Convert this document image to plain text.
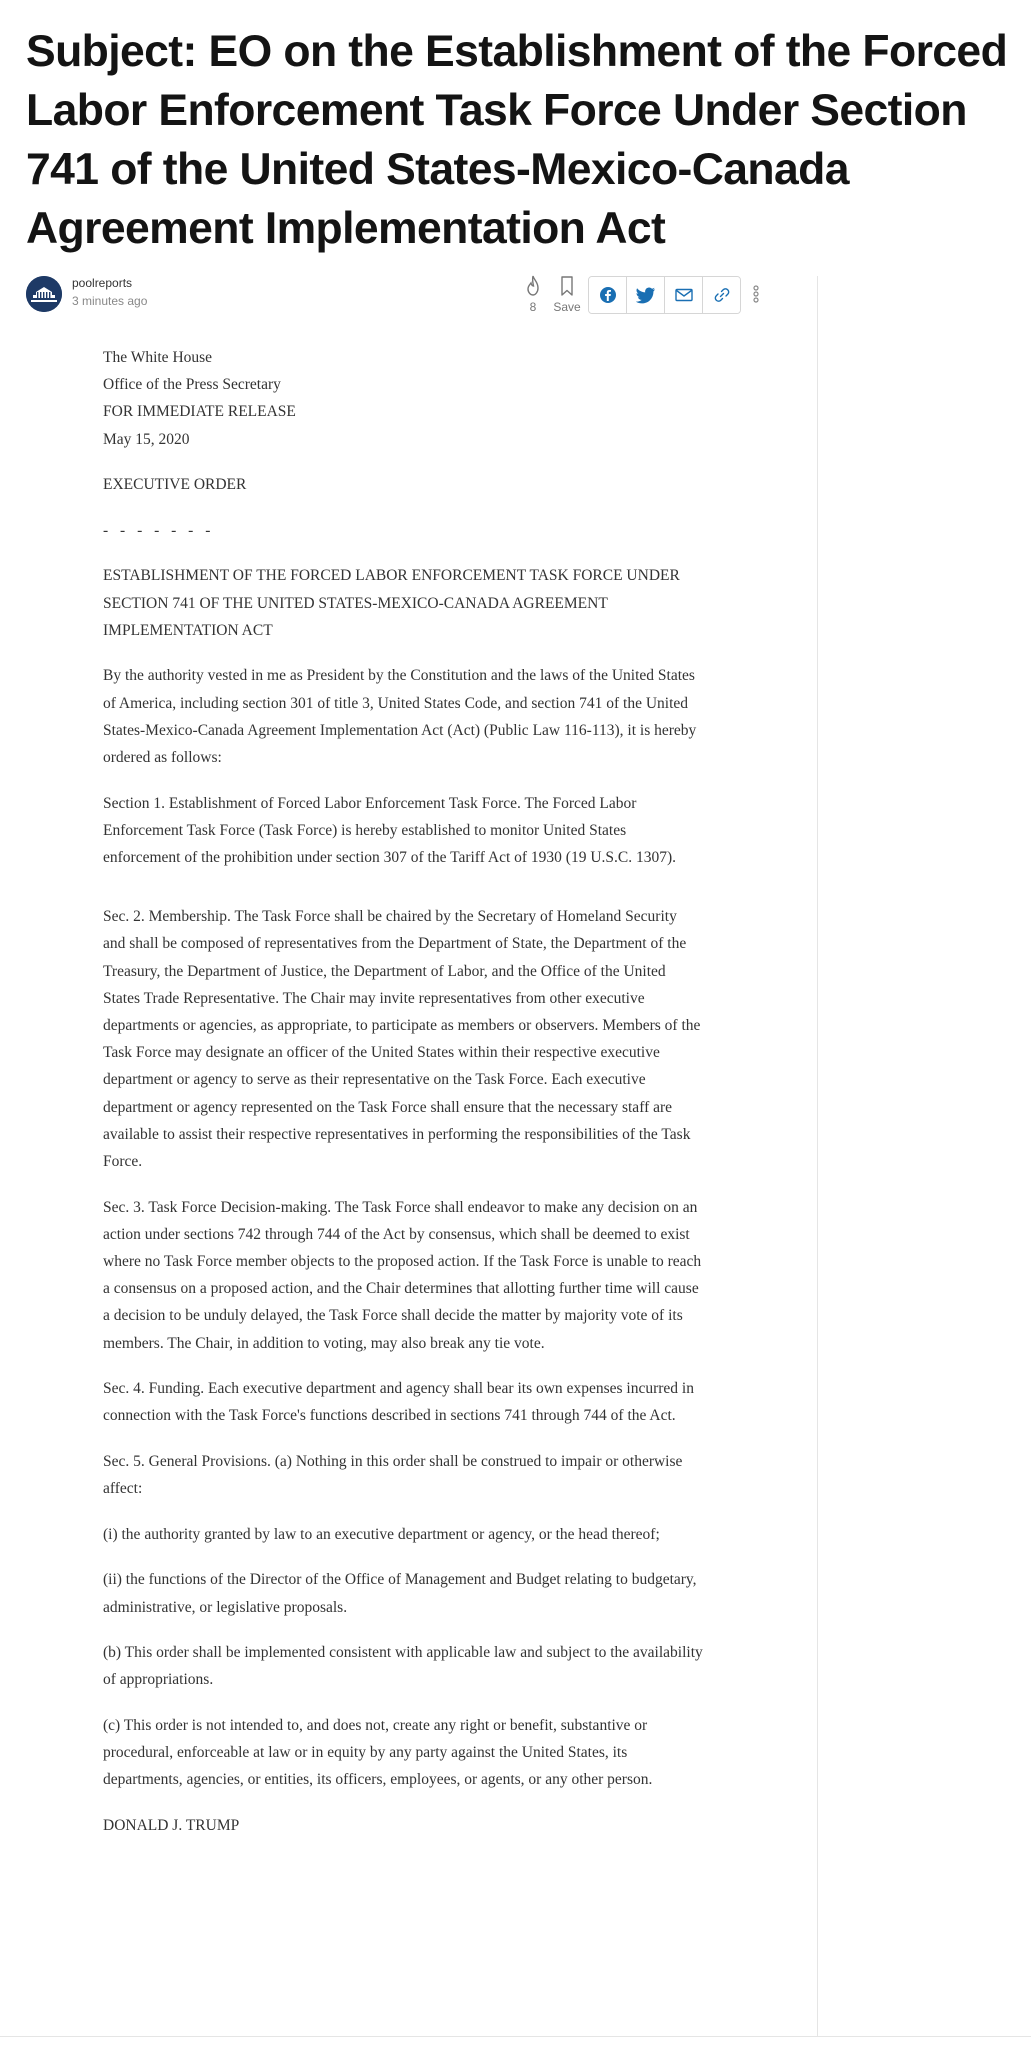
Subject: EO on the Establishment of the Forced Labor Enforcement Task Force Under Section 741 of the United States-Mexico-Canada Agreement Implementation Act
poolreports
3 minutes ago	8	Save

The White House
Office of the Press Secretary
FOR IMMEDIATE RELEASE
May 15, 2020

EXECUTIVE ORDER

- - - - - - -

ESTABLISHMENT OF THE FORCED LABOR ENFORCEMENT TASK FORCE UNDER SECTION 741 OF THE UNITED STATES-MEXICO-CANADA AGREEMENT IMPLEMENTATION ACT

By the authority vested in me as President by the Constitution and the laws of the United States of America, including section 301 of title 3, United States Code, and section 741 of the United States-Mexico-Canada Agreement Implementation Act (Act) (Public Law 116-113), it is hereby ordered as follows:

Section 1. Establishment of Forced Labor Enforcement Task Force. The Forced Labor Enforcement Task Force (Task Force) is hereby established to monitor United States enforcement of the prohibition under section 307 of the Tariff Act of 1930 (19 U.S.C. 1307).

Sec. 2. Membership. The Task Force shall be chaired by the Secretary of Homeland Security and shall be composed of representatives from the Department of State, the Department of the Treasury, the Department of Justice, the Department of Labor, and the Office of the United States Trade Representative. The Chair may invite representatives from other executive departments or agencies, as appropriate, to participate as members or observers. Members of the Task Force may designate an officer of the United States within their respective executive department or agency to serve as their representative on the Task Force. Each executive department or agency represented on the Task Force shall ensure that the necessary staff are available to assist their respective representatives in performing the responsibilities of the Task Force.

Sec. 3. Task Force Decision-making. The Task Force shall endeavor to make any decision on an action under sections 742 through 744 of the Act by consensus, which shall be deemed to exist where no Task Force member objects to the proposed action. If the Task Force is unable to reach a consensus on a proposed action, and the Chair determines that allotting further time will cause a decision to be unduly delayed, the Task Force shall decide the matter by majority vote of its members. The Chair, in addition to voting, may also break any tie vote.

Sec. 4. Funding. Each executive department and agency shall bear its own expenses incurred in connection with the Task Force's functions described in sections 741 through 744 of the Act.

Sec. 5. General Provisions. (a) Nothing in this order shall be construed to impair or otherwise affect:

(i) the authority granted by law to an executive department or agency, or the head thereof;

(ii) the functions of the Director of the Office of Management and Budget relating to budgetary, administrative, or legislative proposals.

(b) This order shall be implemented consistent with applicable law and subject to the availability of appropriations.

(c) This order is not intended to, and does not, create any right or benefit, substantive or procedural, enforceable at law or in equity by any party against the United States, its departments, agencies, or entities, its officers, employees, or agents, or any other person.

DONALD J. TRUMP
